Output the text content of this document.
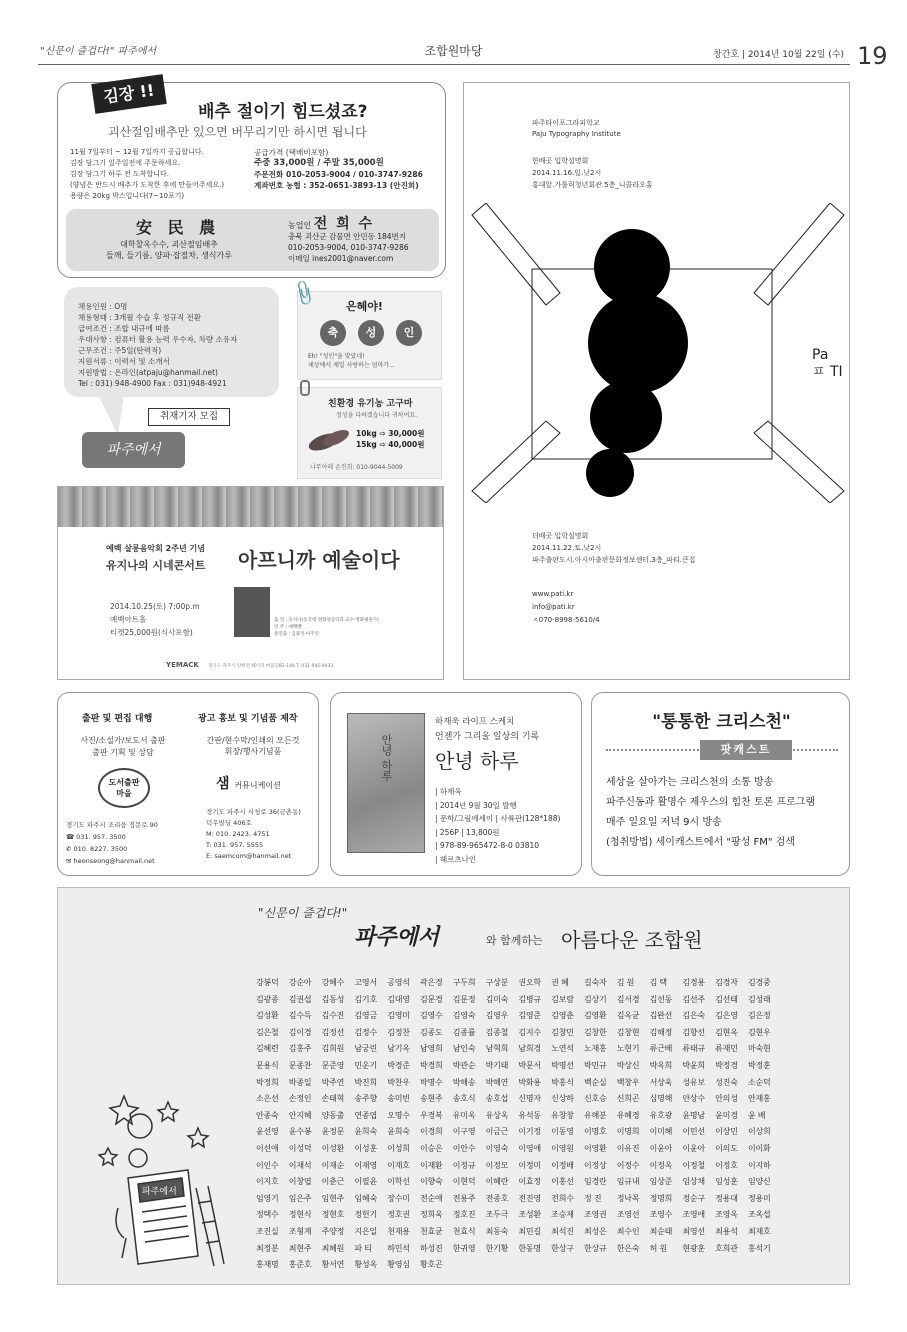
"신문이 즐겁다!" 파주에서	조합원마당	창간호 | 2014년 10월 22일 (수) 19
김장 !!
배추 절이기 힘드셨죠?
괴산절임배추만 있으면 버무리기만 하시면 됩니다
11월 7일부터 ~ 12월 7일까지 공급합니다.
김장 담그기 일주일전에 주문하세요.
김장 담그기 하루 전 도착합니다.
(양념은 반드시 배추가 도착한 후에 만들어주세요.)
용량은 20kg 박스입니다(7~10포기)
공급가격 (택배비포함)
주중 33,000원 / 주말 35,000원
주문전화 010-2053-9004 / 010-3747-9286
계좌번호 농협 : 352-0651-3893-13 (안진희)
安 民 農
대학찰옥수수, 괴산절임배추
들깨, 들기름, 양파·잡절차, 생식가루
농업인 전 희 수
충북 괴산군 감물면 안민동 184번지
010-2053-9004, 010-3747-9286
이메일 ines2001@naver.com
채용인원 : O명
채용형태 : 3개월 수습 후 정규직 전환
급여조건 : 조합 내규에 따름
우대사항 : 컴퓨터 활용 능력 우수자, 차량 소유자
근무조건 : 주5일(탄력적)
지원서류 : 이력서 및 소개서
지원방법 : 온라인(atpaju@hanmail.net)
Tel : 031) 948-4900 Fax : 031)948-4921
취재기자 모집
파주에서
은혜야!
축 성 인
Eh! "성인"을 맞았네!
세상에서 제일 사랑하는 엄마가...
📎
친환경 유기농 고구마
정성을 다하겠습니다 귀하여요.
10kg ⇨ 30,000원
15kg ⇨ 40,000원
나무아래 손진희: 010-9044-5009
예백 살롱음악회 2주년 기념
유지나의 시네콘서트 아프니까 예술이다
2014.10.25(토) 7:00p.m
예백아트홀
티켓25,000원(식사포함)
출 연 : 유지나(동국대 영화영상학과 교수·영화평론가)
연 주 : 예백밴
총연출 : 김광기·이주연
YEMACK 경기도 파주시 탄현면 헤이리 마을길82-146 T. 031-945-9433
파주타이포그라피학교
Paju Typography Institute
한배곳 입학설명회
2014.11.16.일.낮2시
홍대앞.가톨릭청년회관.5층_니콜라오홀
Pa
ㅍ TI
더배곳 입학설명회
2014.11.22.토.낮2시
파주출판도시.아시아출판문화정보센터.3층_파티.큰집
www.pati.kr
info@pati.kr
ㅈ070-8998-5610/4
출판 및 편집 대행	광고 홍보 및 기념품 제작
사진/소설가/보도서 출판
출판 기획 및 상담
간판/현수막/인쇄의 모든것
휘장/행사기념품
도서출판
마을
샘 커뮤니케이션
경기도 파주시 조리읍 정문로 90
☎ 031. 957. 3500
✆ 010. 8227. 3500
✉ heonseong@hanmail.net
경기도 파주시 시청로 36(금촌동)
덕우빌딩 406호
M: 010. 2423. 4751
T: 031. 957. 5555
E: saemcom@hanmail.net
안녕 하루
하재욱 라이프 스케치
언젠가 그리울 일상의 기록
안녕 하루
| 하재욱
| 2014년 9월 30일 발행
| 문학/그림에세이 | 사륙판(128*188)
| 256P | 13,800원
| 978-89-965472-8-0 03810
| 헤르츠나인
"통통한 크리스천"
팟캐스트
세상을 살아가는 크리스천의 소통 방송
파주신동과 활명수 제우스의 힘찬 토론 프로그램
매주 일요일 저녁 9시 방송
(청취방법) 세이캐스트에서 "팡성 FM" 검색
"신문이 즐겁다!"
파주에서	와 함께하는 아름다운 조합원
강봉덕	강순아	강혜수	고영서	공영석	곽은경	구두희	구상분	권오학	권 혜	길숙자	김 원	김 택	김경용	김경자	김경중
김광종	김권섭	김동성	김기호	김대영	김문경	김문정	김미숙	김병규	김보람	김상기	김서경	김선동	김선주	김선태	김성래
김성환	김수득	김수진	김영금	김영미	김영수	김영숙	김영우	김영준	김영춘	김영환	김옥균	김완선	김은숙	김은영	김은정
김은철	김이경	김정선	김정수	김정찬	김종도	김종률	김종철	김지수	김창민	김창한	김창현	김해정	김향선	김현옥	김현우
김혜련	김홍주	김희원	남궁린	남기옥	남영희	남인숙	남혁희	남희경	노연석	노재홍	노현기	류근배	류태규	류재민	마숙현
문용식	문종찬	문준영	민운기	박경준	박경희	박관순	박기태	박문서	박명선	박민규	박상신	박옥희	박윤희	박정경	박정훈
박정희	박종일	박주연	박진희	박찬우	박명수	박해송	박해연	박화용	박홍식	백순실	백창우	서상욱	성유보	성진숙	소순덕
소은선	손정인	손태혁	송주향	송미빈	송현주	송호식	송호섭	신명자	신상하	신호승	신희곤	심명해	안상수	안의성	안재홍
안종숙	안지혜	양동출	연종엽	오명수	우경복	유미옥	유상옥	유석동	유창창	유해분	유혜경	유호광	윤명남	윤미경	윤 배
윤선영	윤수봉	윤정문	윤희숙	윤희숙	이경희	이구영	이금근	이기정	이동영	이명호	이명희	이미혜	이민선	이상민	이상희
이선애	이성덕	이성환	이성훈	이성희	이승은	이안수	이영숙	이영애	이영원	이영환	이유진	이윤아	이윤아	이의도	이이화
이인수	이재석	이재순	이재영	이재호	이재환	이정규	이정모	이정미	이정배	이정상	이정수	이정옥	이정철	이정호	이지하
이지호	이창엽	이춘근	이필윤	이학선	이향숙	이현덕	이혜란	이효정	이홍선	임경란	임규내	임상준	임상채	임성훈	임양신
임영기	임은주	임현주	임혜숙	장수미	전순애	전용주	전종호	전진영	전희수	정 진	정낙목	정명희	정순구	정용대	정용미
정택수	정현식	정현호	정헌기	정호권	정희욱	정호진	조두극	조성환	조승제	조영권	조영선	조영수	조영애	조영옥	조옥섭
조진실	조형계	주양정	지은일	천재용	천효균	천효식	최동숙	최민길	최석진	최성은	최수인	최순태	최영선	최용석	최재호
최정분	최현주	최혜원	파 티	하민석	하성진	한귀영	한기황	한동명	한상구	한상규	한은숙	허 원	현광훈	호희관	홍석기
홍재명	홍준호	황서연	황성옥	황영심	황호곤
파주에서
